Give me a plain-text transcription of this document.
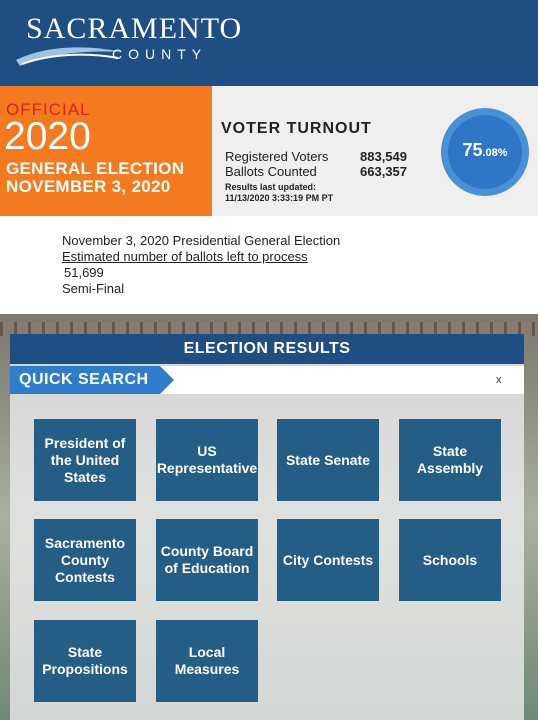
SACRAMENTO
COUNTY
OFFICIAL
2020
GENERAL ELECTION
NOVEMBER 3, 2020
VOTER TURNOUT
Registered Voters 883,549
Ballots Counted	663,357
Results last updated:
11/13/2020 3:33:19 PM PT
75.08%
November 3, 2020 Presidential General Election
Estimated number of ballots left to process
51,699
Semi-Final
ELECTION RESULTS
QUICK SEARCH	x
President of the United States
US Representative
State Senate
State Assembly
Sacramento County Contests
County Board of Education
City Contests	Schools
State Propositions
Local Measures
